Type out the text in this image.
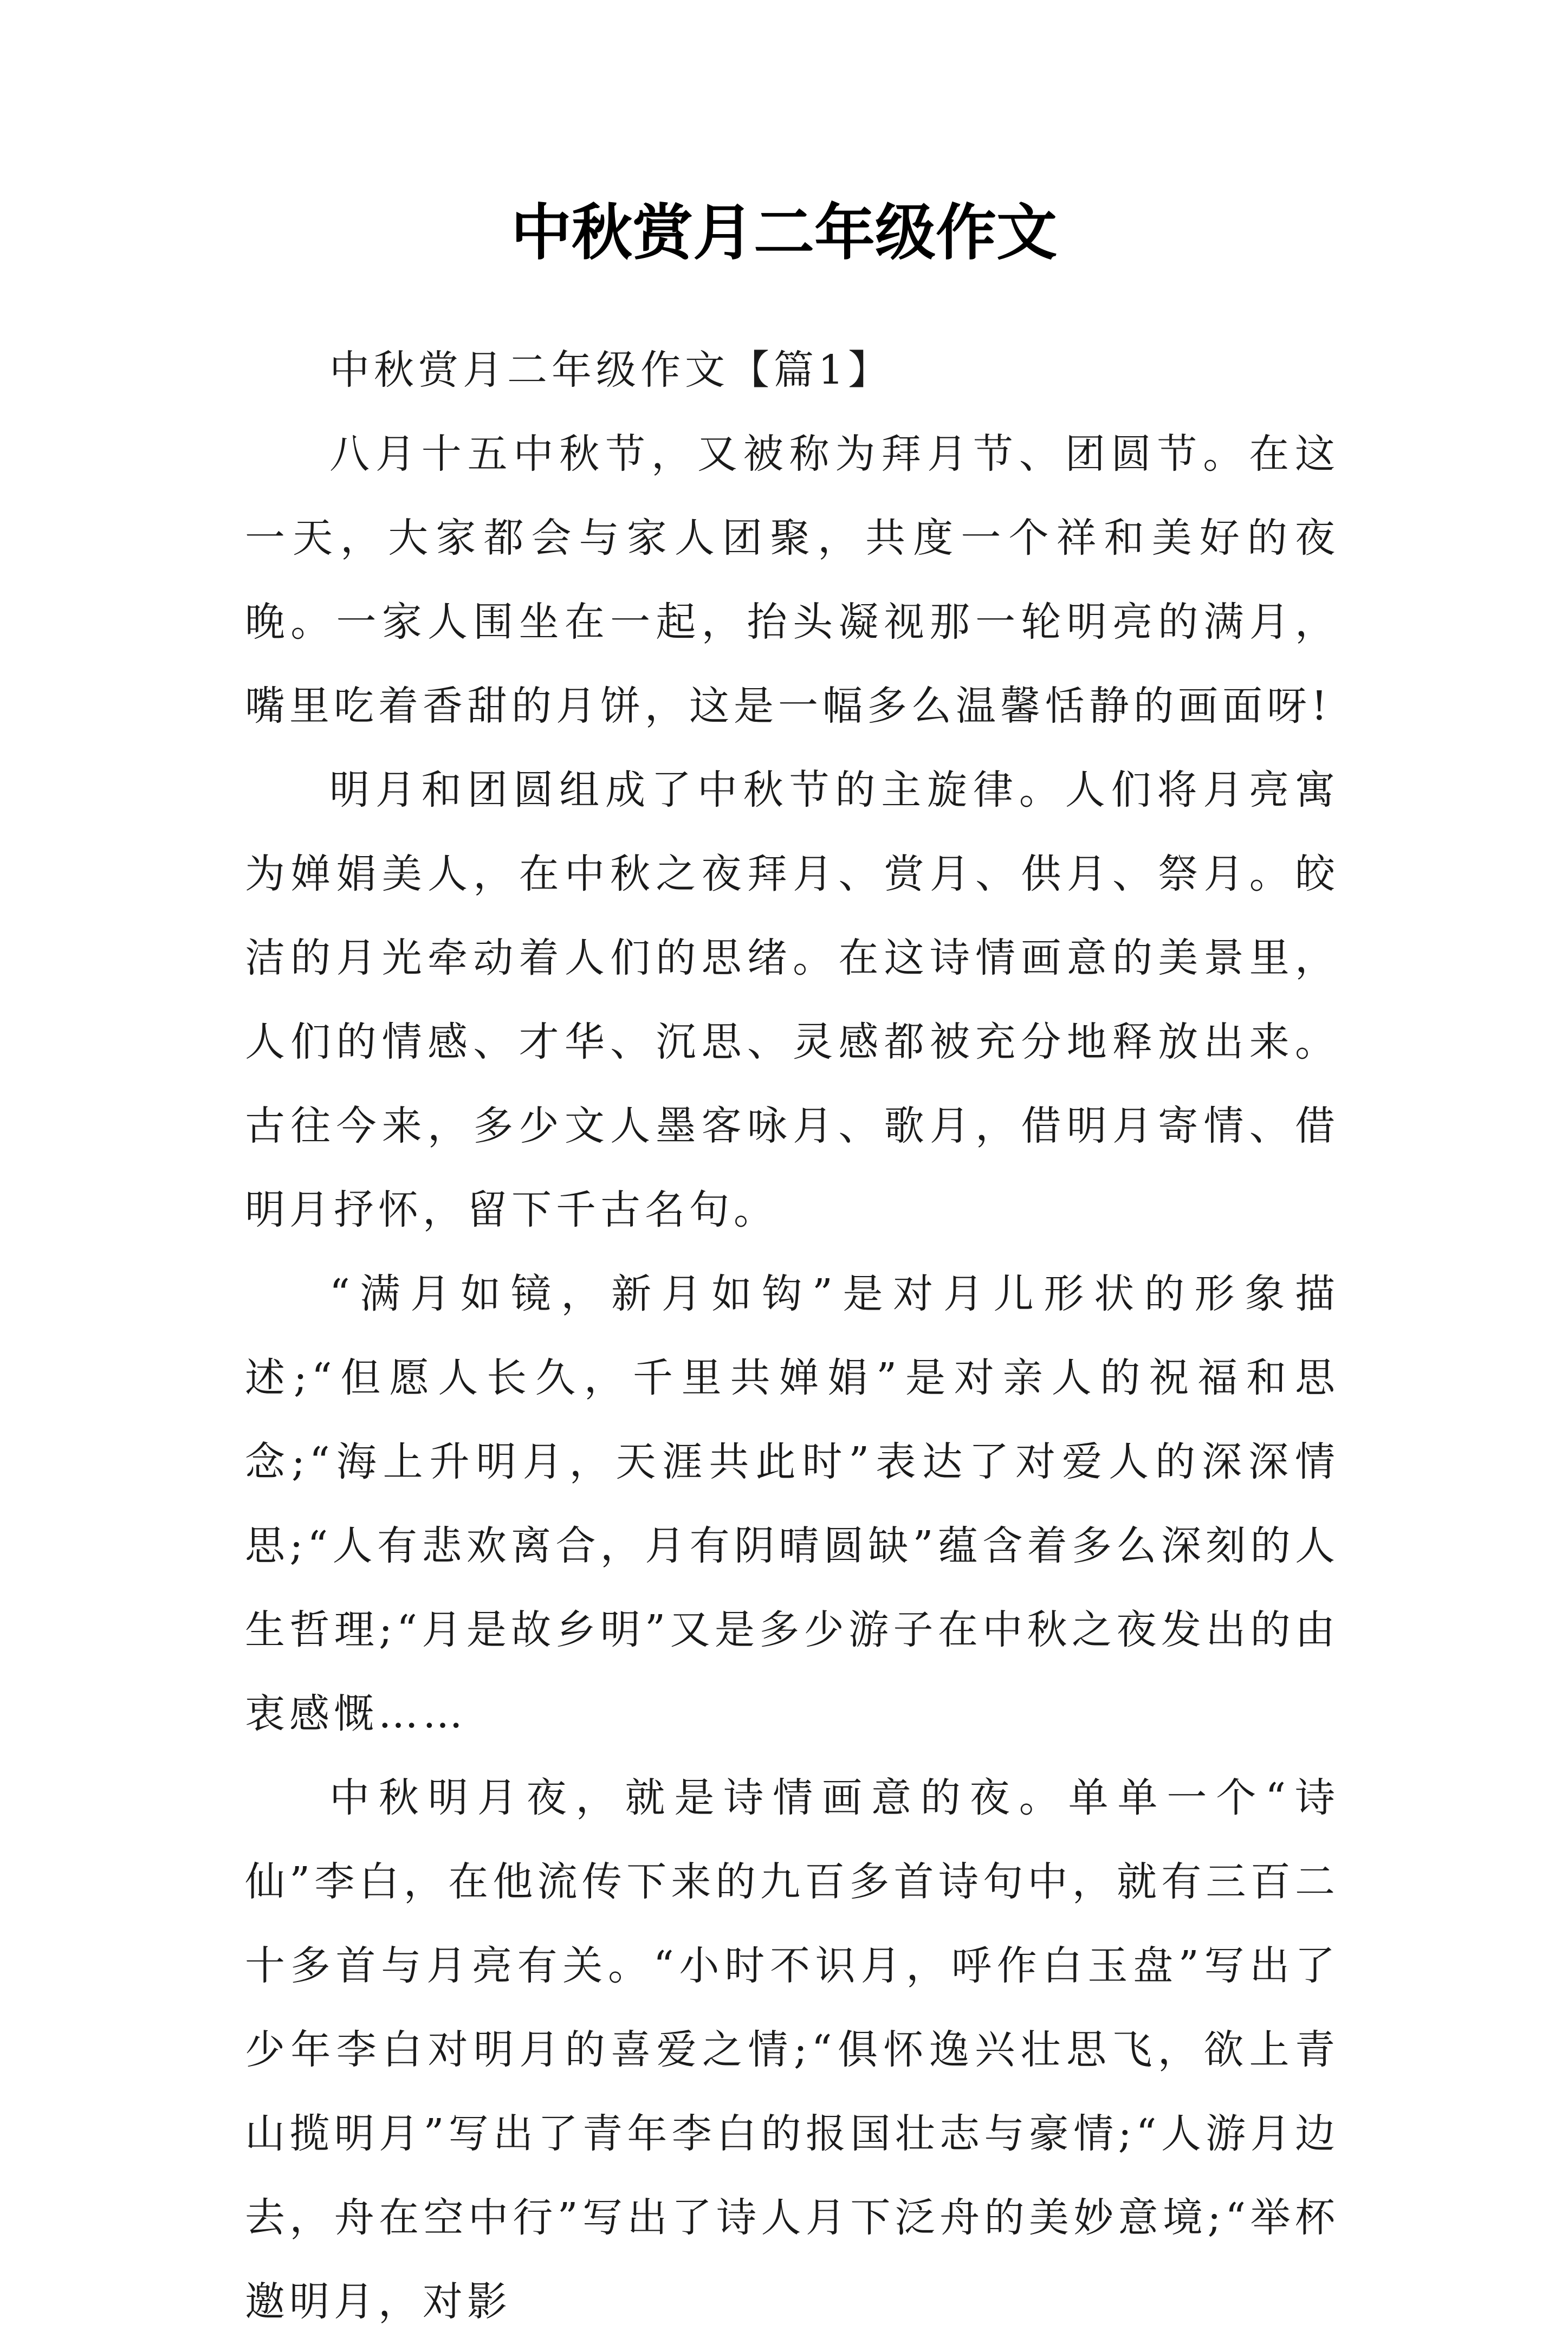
中秋赏月二年级作文

中秋赏月二年级作文【篇1】

八月十五中秋节，又被称为拜月节、团圆节。在这一天，大家都会与家人团聚，共度一个祥和美好的夜晚。一家人围坐在一起，抬头凝视那一轮明亮的满月，嘴里吃着香甜的月饼，这是一幅多么温馨恬静的画面呀!

明月和团圆组成了中秋节的主旋律。人们将月亮寓为婵娟美人，在中秋之夜拜月、赏月、供月、祭月。皎洁的月光牵动着人们的思绪。在这诗情画意的美景里，人们的情感、才华、沉思、灵感都被充分地释放出来。古往今来，多少文人墨客咏月、歌月，借明月寄情、借明月抒怀，留下千古名句。

“满月如镜，新月如钩”是对月儿形状的形象描述;“但愿人长久，千里共婵娟”是对亲人的祝福和思念;“海上升明月，天涯共此时”表达了对爱人的深深情思;“人有悲欢离合，月有阴晴圆缺”蕴含着多么深刻的人生哲理;“月是故乡明”又是多少游子在中秋之夜发出的由衷感慨……

中秋明月夜，就是诗情画意的夜。单单一个“诗仙”李白，在他流传下来的九百多首诗句中，就有三百二十多首与月亮有关。“小时不识月，呼作白玉盘”写出了少年李白对明月的喜爱之情;“俱怀逸兴壮思飞，欲上青山揽明月”写出了青年李白的报国壮志与豪情;“人游月边去，舟在空中行”写出了诗人月下泛舟的美妙意境;“举杯邀明月，对影
